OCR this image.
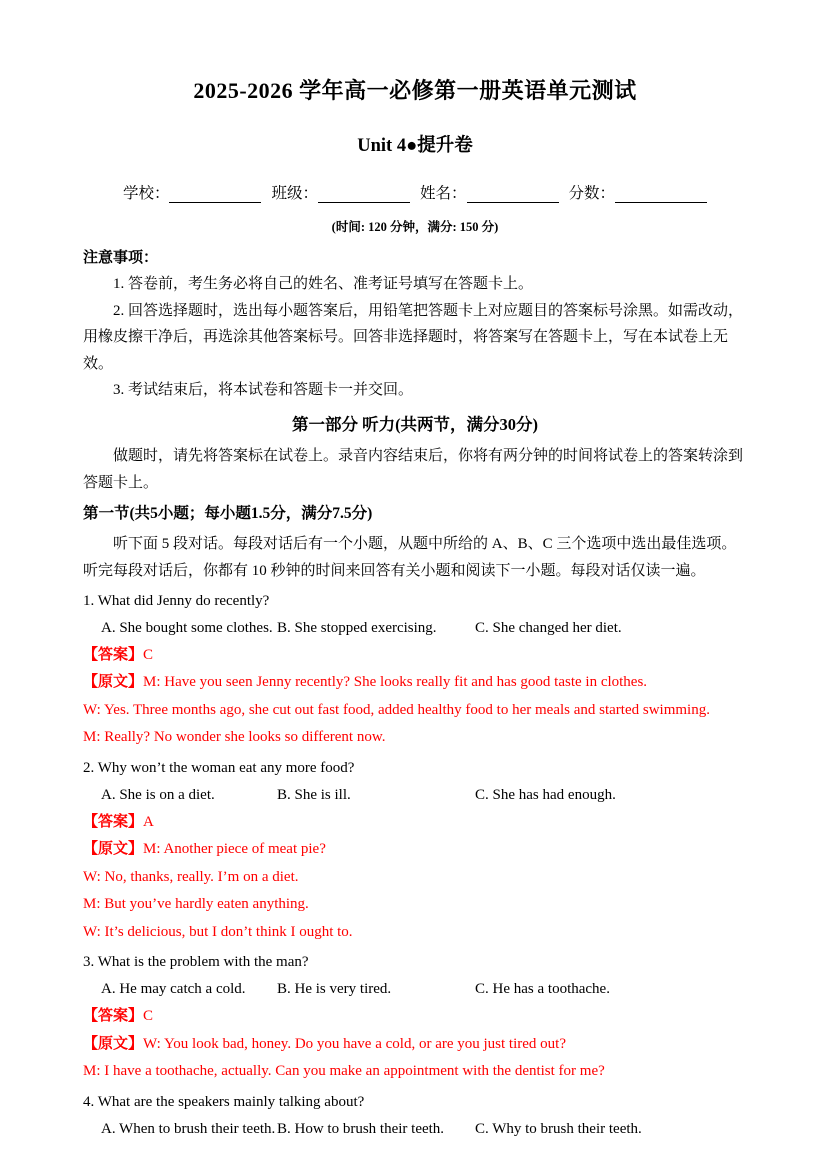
2025-2026 学年高一必修第一册英语单元测试
Unit 4●提升卷
学校：	班级：	姓名：	分数：
(时间: 120 分钟，满分: 150 分)
注意事项：
1. 答卷前，考生务必将自己的姓名、准考证号填写在答题卡上。
2. 回答选择题时，选出每小题答案后，用铅笔把答题卡上对应题目的答案标号涂黑。如需改动，用橡皮擦干净后，再选涂其他答案标号。回答非选择题时，将答案写在答题卡上，写在本试卷上无效。
3. 考试结束后，将本试卷和答题卡一并交回。
第一部分 听力(共两节，满分30分)
做题时，请先将答案标在试卷上。录音内容结束后，你将有两分钟的时间将试卷上的答案转涂到答题卡上。
第一节(共5小题；每小题1.5分，满分7.5分)
听下面 5 段对话。每段对话后有一个小题，从题中所给的 A、B、C 三个选项中选出最佳选项。听完每段对话后，你都有 10 秒钟的时间来回答有关小题和阅读下一小题。每段对话仅读一遍。
1. What did Jenny do recently?
A. She bought some clothes. B. She stopped exercising.	C. She changed her diet.
【答案】C
【原文】M: Have you seen Jenny recently? She looks really fit and has good taste in clothes.
W: Yes. Three months ago, she cut out fast food, added healthy food to her meals and started swimming.
M: Really? No wonder she looks so different now.
2. Why won’t the woman eat any more food?
A. She is on a diet.	B. She is ill.	C. She has had enough.
【答案】A
【原文】M: Another piece of meat pie?
W: No, thanks, really. I’m on a diet.
M: But you’ve hardly eaten anything.
W: It’s delicious, but I don’t think I ought to.
3. What is the problem with the man?
A. He may catch a cold.	B. He is very tired.	C. He has a toothache.
【答案】C
【原文】W: You look bad, honey. Do you have a cold, or are you just tired out?
M: I have a toothache, actually. Can you make an appointment with the dentist for me?
4. What are the speakers mainly talking about?
A. When to brush their teeth. B. How to brush their teeth.	C. Why to brush their teeth.
